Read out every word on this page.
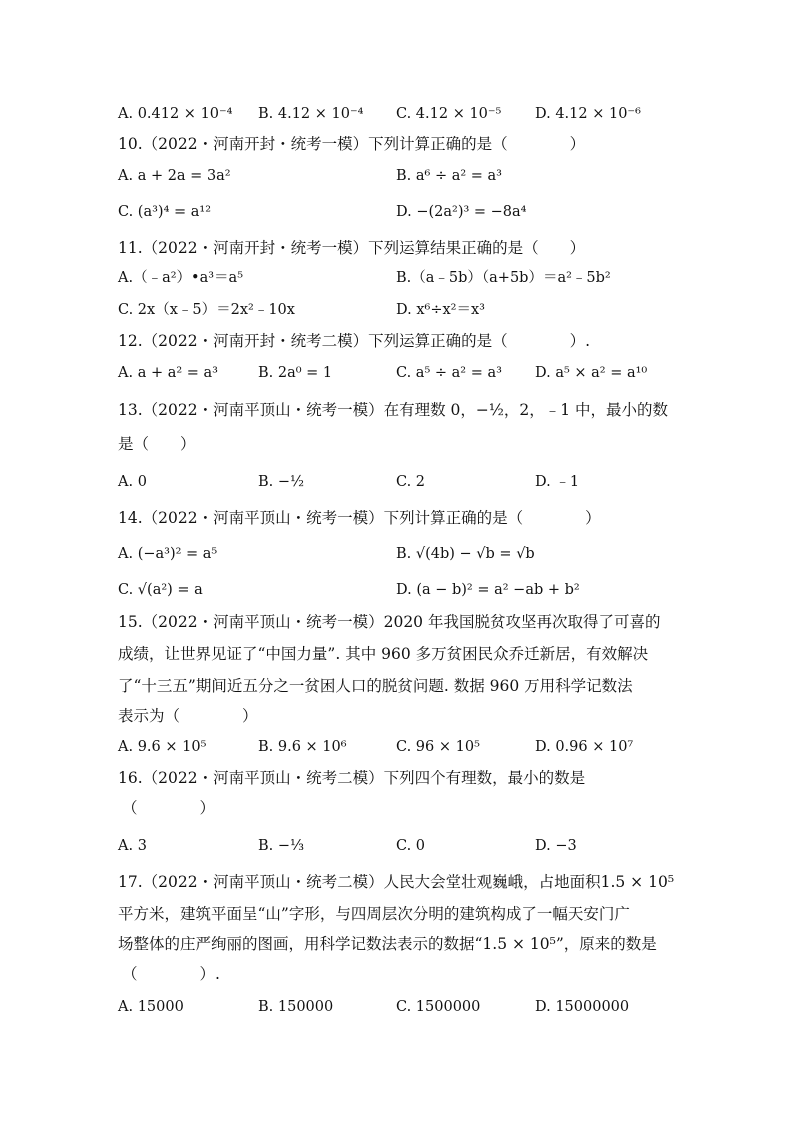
A. 0.412 × 10⁻⁴ B. 4.12 × 10⁻⁴ C. 4.12 × 10⁻⁵ D. 4.12 × 10⁻⁶
10.（2022・河南开封・统考一模）下列计算正确的是（　　　　）
A. a + 2a = 3a²	B. a⁶ ÷ a² = a³
C. (a³)⁴ = a¹²	D. −(2a²)³ = −8a⁴
11.（2022・河南开封・统考一模）下列运算结果正确的是（　　）
A.（﹣a²）•a³＝a⁵	B.（a﹣5b）（a+5b）＝a²﹣5b²
C. 2x（x﹣5）＝2x²﹣10x	D. x⁶÷x²＝x³
12.（2022・河南开封・统考二模）下列运算正确的是（　　　　）.
A. a + a² = a³	B. 2a⁰ = 1	C. a⁵ ÷ a² = a³ D. a⁵ × a² = a¹⁰
13.（2022・河南平顶山・统考一模）在有理数 0，−½，2，﹣1 中，最小的数
是（　　）
A. 0	B. −½	C. 2	D. ﹣1
14.（2022・河南平顶山・统考一模）下列计算正确的是（　　　　）
A. (−a³)² = a⁵	B. √(4b) − √b = √b
C. √(a²) = a	D. (a − b)² = a² −ab + b²
15.（2022・河南平顶山・统考一模）2020 年我国脱贫攻坚再次取得了可喜的
成绩，让世界见证了“中国力量”. 其中 960 多万贫困民众乔迁新居，有效解决
了“十三五”期间近五分之一贫困人口的脱贫问题. 数据 960 万用科学记数法
表示为（　　　　）
A. 9.6 × 10⁵	B. 9.6 × 10⁶	C. 96 × 10⁵	D. 0.96 × 10⁷
16.（2022・河南平顶山・统考二模）下列四个有理数，最小的数是
（　　　　）
A. 3	B. −⅓	C. 0	D. −3
17.（2022・河南平顶山・统考二模）人民大会堂壮观巍峨，占地面积1.5 × 10⁵
平方米，建筑平面呈“山”字形，与四周层次分明的建筑构成了一幅天安门广
场整体的庄严绚丽的图画，用科学记数法表示的数据“1.5 × 10⁵”，原来的数是
（　　　　）.
A. 15000	B. 150000	C. 1500000	D. 15000000
